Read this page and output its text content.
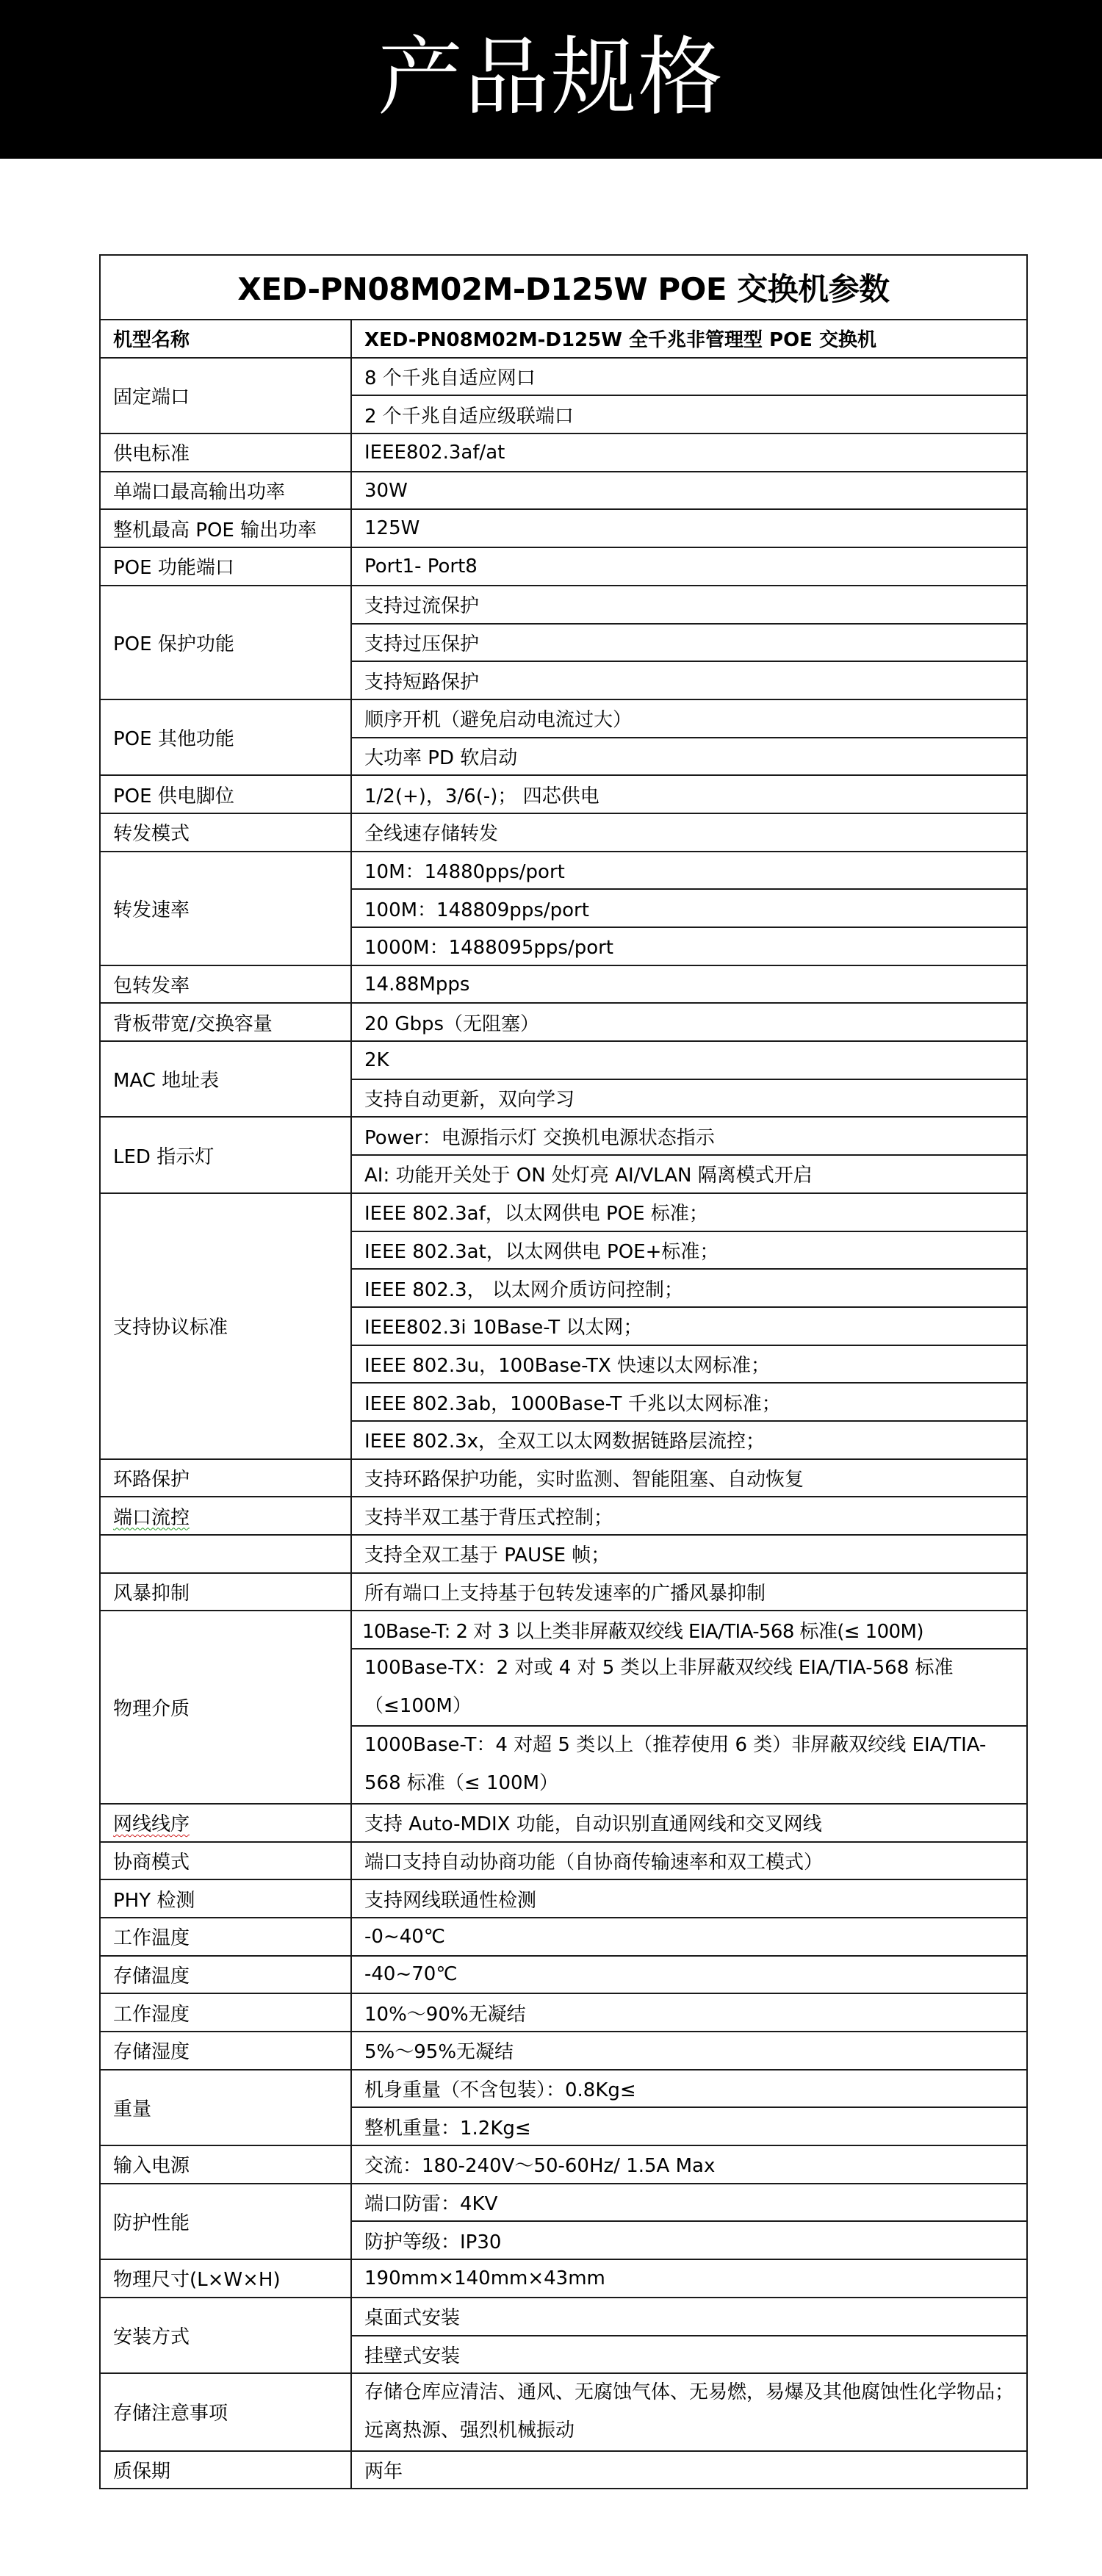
产品规格
XED-PN08M02M-D125W POE 交换机参数	
机型名称	XED-PN08M02M-D125W 全千兆非管理型 POE 交换机
固定端口	8 个千兆自适应网口
	2 个千兆自适应级联端口
供电标准	IEEE802.3af/at
单端口最高输出功率	30W
整机最高 POE 输出功率	125W
POE 功能端口	Port1- Port8
POE 保护功能	支持过流保护
	支持过压保护
	支持短路保护
POE 其他功能	顺序开机（避免启动电流过大）
	大功率 PD 软启动
POE 供电脚位	1/2(+)，3/6(-)； 四芯供电
转发模式	全线速存储转发
转发速率	10M：14880pps/port
	100M：148809pps/port
	1000M：1488095pps/port
包转发率	14.88Mpps
背板带宽/交换容量	20 Gbps（无阻塞）
MAC 地址表	2K
	支持自动更新，双向学习
LED 指示灯	Power：电源指示灯 交换机电源状态指示
	AI: 功能开关处于 ON 处灯亮 AI/VLAN 隔离模式开启
支持协议标准	IEEE 802.3af，以太网供电 POE 标准；
	IEEE 802.3at，以太网供电 POE+标准；
	IEEE 802.3， 以太网介质访问控制；
	IEEE802.3i 10Base-T 以太网；
	IEEE 802.3u，100Base-TX 快速以太网标准；
	IEEE 802.3ab，1000Base-T 千兆以太网标准；
	IEEE 802.3x，全双工以太网数据链路层流控；
环路保护	支持环路保护功能，实时监测、智能阻塞、自动恢复
端口流控	支持半双工基于背压式控制；
	支持全双工基于 PAUSE 帧；
风暴抑制	所有端口上支持基于包转发速率的广播风暴抑制
物理介质	10Base-T: 2 对 3 以上类非屏蔽双绞线 EIA/TIA-568 标准(≤ 100M)
	100Base-TX：2 对或 4 对 5 类以上非屏蔽双绞线 EIA/TIA-568 标准（≤100M）
	1000Base-T：4 对超 5 类以上（推荐使用 6 类）非屏蔽双绞线 EIA/TIA-568 标准（≤ 100M）
网线线序	支持 Auto-MDIX 功能，自动识别直通网线和交叉网线
协商模式	端口支持自动协商功能（自协商传输速率和双工模式）
PHY 检测	支持网线联通性检测
工作温度	-0~40℃
存储温度	-40~70℃
工作湿度	10%～90%无凝结
存储湿度	5%～95%无凝结
重量	机身重量（不含包装）：0.8Kg≤
	整机重量：1.2Kg≤
输入电源	交流：180-240V～50-60Hz/ 1.5A Max
防护性能	端口防雷：4KV
	防护等级：IP30
物理尺寸(L×W×H)	190mm×140mm×43mm
安装方式	桌面式安装
	挂壁式安装
存储注意事项	存储仓库应清洁、通风、无腐蚀气体、无易燃，易爆及其他腐蚀性化学物品；远离热源、强烈机械振动
质保期	两年
